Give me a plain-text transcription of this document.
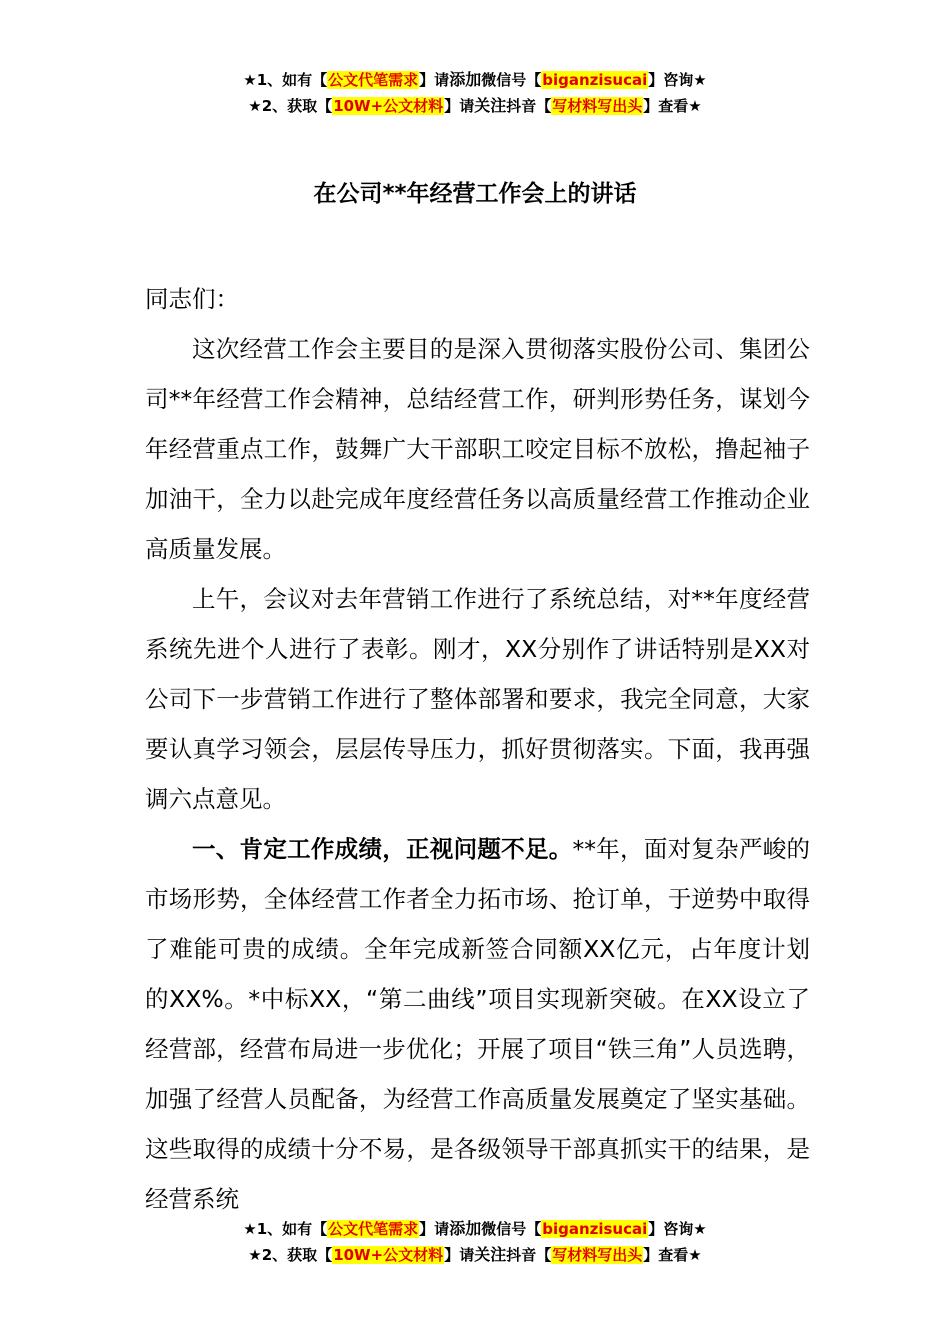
★1、如有【公文代笔需求】请添加微信号【biganzisucai】咨询★
★2、获取【10W+公文材料】请关注抖音【写材料写出头】查看★
在公司**年经营工作会上的讲话

同志们：

这次经营工作会主要目的是深入贯彻落实股份公司、集团公司**年经营工作会精神，总结经营工作，研判形势任务，谋划今年经营重点工作，鼓舞广大干部职工咬定目标不放松，撸起袖子加油干，全力以赴完成年度经营任务以高质量经营工作推动企业高质量发展。

上午，会议对去年营销工作进行了系统总结，对**年度经营系统先进个人进行了表彰。刚才，XX分别作了讲话特别是XX对公司下一步营销工作进行了整体部署和要求，我完全同意，大家要认真学习领会，层层传导压力，抓好贯彻落实。下面，我再强调六点意见。

一、肯定工作成绩，正视问题不足。**年，面对复杂严峻的市场形势，全体经营工作者全力拓市场、抢订单，于逆势中取得了难能可贵的成绩。全年完成新签合同额XX亿元，占年度计划的XX%。*中标XX，“第二曲线”项目实现新突破。在XX设立了经营部，经营布局进一步优化；开展了项目“铁三角”人员选聘，加强了经营人员配备，为经营工作高质量发展奠定了坚实基础。这些取得的成绩十分不易，是各级领导干部真抓实干的结果，是经营系统

★1、如有【公文代笔需求】请添加微信号【biganzisucai】咨询★
★2、获取【10W+公文材料】请关注抖音【写材料写出头】查看★
